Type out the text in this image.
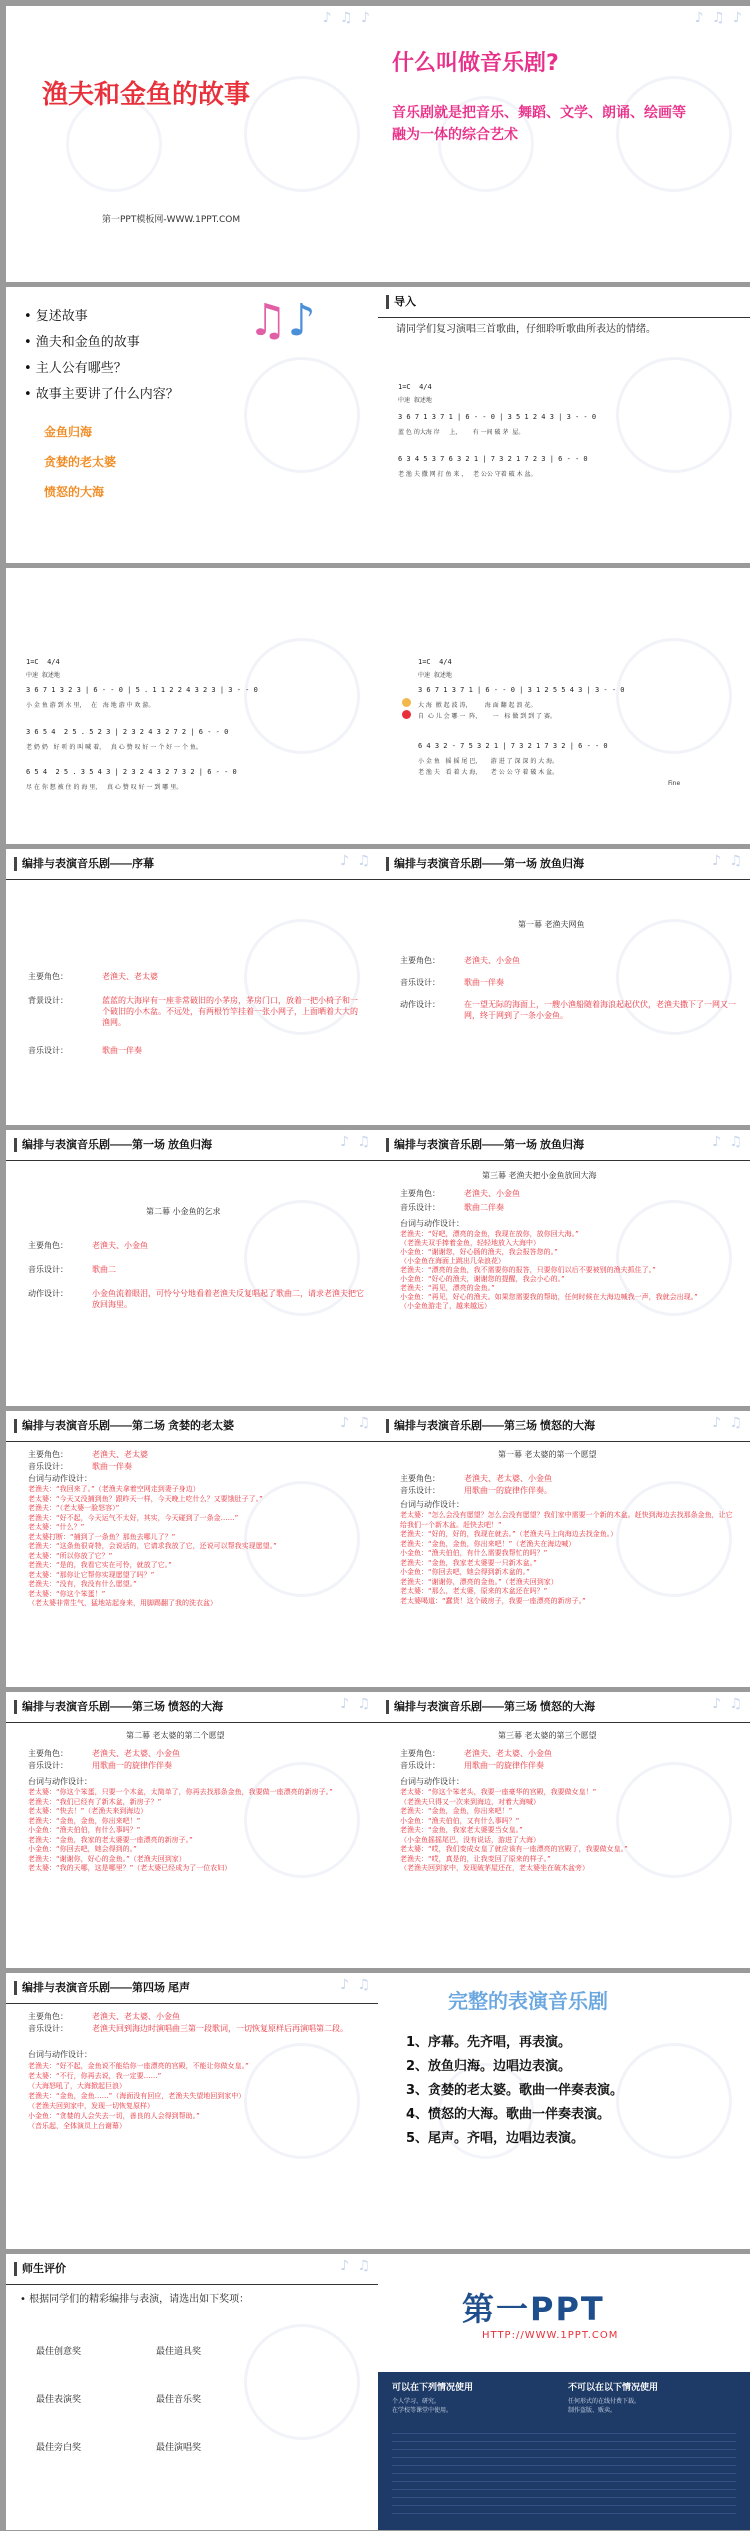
♪ ♫ ♪
渔夫和金鱼的故事
第一PPT模板网-WWW.1PPT.COM
♪ ♫ ♪
什么叫做音乐剧?
音乐剧就是把音乐、舞蹈、文学、朗诵、绘画等融为一体的综合艺术
♫♪
• 复述故事
• 渔夫和金鱼的故事
• 主人公有哪些？
• 故事主要讲了什么内容？
金鱼归海
贪婪的老太婆
愤怒的大海
导入
请同学们复习演唱三首歌曲，仔细聆听歌曲所表达的情绪。
1=C  4/4
中速  叙述地
3 6 7 1 3 7 1 | 6 - - 0 | 3 5 1 2 4 3 | 3 - - 0
蓝 色 的大海 岸     上，      有 一间 破 茅  屋。
6 3 4 5 3 7 6 3 2 1 | 7 3 2 1 7 2 3 | 6 - - 0
老 渔 夫 撒 网 打 鱼 来 ，   老 公公 守着 破 木 盆。
1=C  4/4
中速  叙述地
3 6 7 1 3 2 3 | 6 - - 0 | 5 . 1 1 2 2 4 3 2 3 | 3 - - 0
小 金 鱼 游 到 水 里，   在   海 地 游 中 欢 游。
3 6 5 4  2 5 . 5 2 3 | 2 3 2 4 3 2 7 2 | 6 - - 0
老 奶 奶   好 听 的 叫 喊 着，   真 心 赞 叹 好 一 个 好 一 个 鱼。
6 5 4  2 5 . 3 5 4 3 | 2 3 2 4 3 2 7 3 2 | 6 - - 0
尽 在 你 想 被 住 的 海 里，   真 心 赞 叹 好 一 到 哪 里。
1=C  4/4
中速  叙述地
3 6 7 1 3 7 1 | 6 - - 0 | 3 1 2 5 5 4 3 | 3 - - 0
大 海  掀 起 波 涛，       海 面 翻 起 浪 花。
自  心 儿 会 哪 一  阵，      一   标 做 到 到 了 赛。
6 4 3 2 - 7 5 3 2 1 | 7 3 2 1 7 3 2 | 6 - - 0
小 金 鱼   摇 摇 尾 巴，     游 进 了 深 深 的 大 海。
老 渔 夫   看 着 大 海，     老 公 公 守 着 破 木 盆。
Fine
♪ ♫
编排与表演音乐剧——序幕
主要角色：	老渔夫、老太婆
背景设计：	蓝蓝的大海岸有一座非常破旧的小茅房，茅房门口，放着一把小椅子和一个破旧的小木盆。不远处，有两根竹竿挂着一张小网子，上面晒着大大的渔网。
音乐设计：	歌曲一伴奏
♪ ♫
编排与表演音乐剧——第一场 放鱼归海
第一幕 老渔夫网鱼
主要角色：	老渔夫、小金鱼
音乐设计：	歌曲一伴奏
动作设计：	在一望无际的海面上，一艘小渔船随着海浪起起伏伏，老渔夫撒下了一网又一网，终于网到了一条小金鱼。
♪ ♫
编排与表演音乐剧——第一场 放鱼归海
第二幕 小金鱼的乞求
主要角色：	老渔夫、小金鱼
音乐设计：	歌曲二
动作设计：	小金鱼流着眼泪，可怜兮兮地看着老渔夫反复唱起了歌曲二，请求老渔夫把它放回海里。
♪ ♫
编排与表演音乐剧——第一场 放鱼归海
第三幕 老渔夫把小金鱼放回大海
主要角色：	老渔夫、小金鱼
音乐设计：	歌曲二伴奏
台词与动作设计：
老渔夫：“好吧，漂亮的金鱼，我现在放你，放你回大海。”
（老渔夫双手捧着金鱼，轻轻地放入大海中）
小金鱼：“谢谢您，好心肠的渔夫，我会报答您的。”
（小金鱼在海面上跳出几朵浪花）
老渔夫：“漂亮的金鱼，我不需要你的报答，只要你们以后不要被别的渔夫抓住了。”
小金鱼：“好心的渔夫，谢谢您的提醒，我会小心的。”
老渔夫：“再见，漂亮的金鱼。”
小金鱼：“再见，好心的渔夫。如果您需要我的帮助，任何时候在大海边喊我一声，我就会出现。”
（小金鱼游走了，越来越远）
♪ ♫
编排与表演音乐剧——第二场 贪婪的老太婆
主要角色：	老渔夫、老太婆
音乐设计：	歌曲一伴奏
台词与动作设计：
老渔夫：“我回来了。”（老渔夫拿着空网走到妻子身边）
老太婆：“今天又没捕到鱼？跟昨天一样，今天晚上吃什么？又要饿肚子了。”
老渔夫：“（老太婆一脸怒容）”
老渔夫：“好不起，今天运气不太好，其实，今天碰到了一条金……”
老太婆：“什么？”
老太婆打断：“捕到了一条鱼？那鱼去哪儿了？”
老渔夫：“这条鱼很奇特，会说话的，它请求我放了它，还说可以帮我实现愿望。”
老太婆：“所以你放了它？”
老渔夫：“是的，我看它实在可怜，就放了它。”
老太婆：“那你让它帮你实现愿望了吗？”
老渔夫：“没有，我没有什么愿望。”
老太婆：“你这个笨蛋！”
（老太婆非常生气，猛地站起身来，用脚踢翻了我的洗衣盆）
♪ ♫
编排与表演音乐剧——第三场 愤怒的大海
第一幕 老太婆的第一个愿望
主要角色：	老渔夫、老太婆、小金鱼
音乐设计：	用歌曲一的旋律作伴奏。
台词与动作设计：
老太婆：“怎么会没有愿望？怎么会没有愿望？我们家中需要一个新的木盆。赶快到海边去找那条金鱼，让它给我们一个新木盆。赶快去吧！”
老渔夫：“好的，好的，我现在就去。”（老渔夫马上向海边去找金鱼。）
老渔夫：“金鱼，金鱼，你出来吧！”（老渔夫在海边喊）
小金鱼：“渔夫伯伯，有什么需要我帮忙的吗？”
老渔夫：“金鱼，我家老太婆要一只新木盆。”
小金鱼：“你回去吧，她会得到新木盆的。”
老渔夫：“谢谢你，漂亮的金鱼。”（老渔夫回到家）
老太婆：“那么，老太婆，原来的木盆还在吗？”
老太婆喝道：“蠢货！这个破房子，我要一座漂亮的新房子。”
♪ ♫
编排与表演音乐剧——第三场 愤怒的大海
第二幕 老太婆的第二个愿望
主要角色：	老渔夫、老太婆、小金鱼
音乐设计：	用歌曲一的旋律作伴奏
台词与动作设计：
老太婆：“你这个笨蛋，只要一个木盆，太简单了，你再去找那条金鱼，我要做一座漂亮的新房子。”
老渔夫：“我们已经有了新木盆，新房子？”
老太婆：“快去！”（老渔夫来到海边）
老渔夫：“金鱼，金鱼，你出来吧！”
小金鱼：“渔夫伯伯，有什么事吗？”
老渔夫：“金鱼，我家的老太婆要一座漂亮的新房子。”
小金鱼：“你回去吧，她会得到的。”
老渔夫：“谢谢你，好心的金鱼。”（老渔夫回到家）
老太婆：“我的天哪，这是哪里？”（老太婆已经成为了一位农妇）
♪ ♫
编排与表演音乐剧——第三场 愤怒的大海
第三幕 老太婆的第三个愿望
主要角色：	老渔夫、老太婆、小金鱼
音乐设计：	用歌曲一的旋律作伴奏
台词与动作设计：
老太婆：“你这个笨老头，我要一座豪华的宫殿，我要做女皇！”
（老渔夫只得又一次来到海边，对着大海喊）
老渔夫：“金鱼，金鱼，你出来吧！”
小金鱼：“渔夫伯伯，又有什么事吗？”
老渔夫：“金鱼，我家老太婆要当女皇。”
（小金鱼摇摇尾巴，没有说话，游进了大海）
老太婆：“哎，我们变成女皇了就应该有一座漂亮的宫殿了，我要做女皇。”
老渔夫：“哎，真是的，让我变回了原来的样子。”
（老渔夫回到家中，发现破茅屋还在，老太婆坐在破木盆旁）
♪ ♫
编排与表演音乐剧——第四场 尾声
主要角色：	老渔夫、老太婆、小金鱼
音乐设计：	老渔夫回到海边时演唱曲三第一段歌词，一切恢复原样后再演唱第二段。
台词与动作设计：
老渔夫：“好不起，金鱼说不能给你一座漂亮的宫殿，不能让你做女皇。”
老太婆：“不行，你再去说，我一定要……”
（大海怒吼了，大海掀起巨浪）
老渔夫：“金鱼，金鱼……”（海面没有回应，老渔夫失望地回到家中）
（老渔夫回到家中，发现一切恢复原样）
小金鱼：“贪婪的人会失去一切，善良的人会得到帮助。”
（音乐起，全体演员上台谢幕）
完整的表演音乐剧
1、序幕。先齐唱，再表演。
2、放鱼归海。边唱边表演。
3、贪婪的老太婆。歌曲一伴奏表演。
4、愤怒的大海。歌曲一伴奏表演。
5、尾声。齐唱，边唱边表演。
♪ ♫
师生评价
• 根据同学们的精彩编排与表演，请选出如下奖项：
最佳创意奖	最佳道具奖
最佳表演奖	最佳音乐奖
最佳旁白奖	最佳演唱奖
第一PPT
HTTP://WWW.1PPT.COM
可以在下列情况使用
个人学习、研究。
在学校等课堂中使用。
不可以在以下情况使用
任何形式的在线付费下载。
制作盗版、贩卖。
